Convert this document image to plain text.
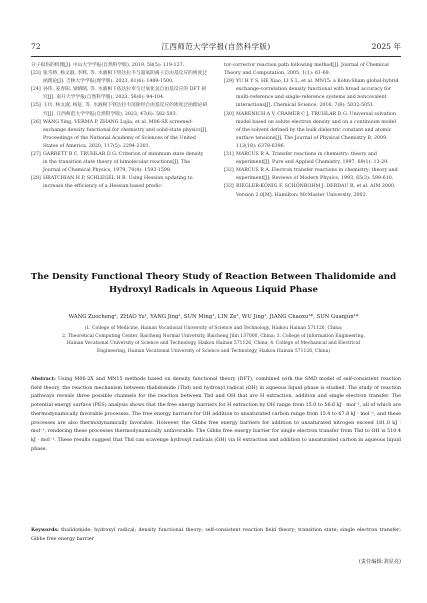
72	江西师范大学学报(自然科学版)	2025 年
分子损伤的机理[J]. 中山大学学报(自然科学版), 2019, 58(5): 119-127.
[23] 张雪娇, 杨文淑, 李辉, 等. 水液相下铁达拉韦与超氧阴离子自由基反应的密度泛函理论[J]. 吉林大学学报(理学版), 2023, 61(6): 1489-1500.
[24] 孙伟, 姜春阳, 梁晴晴, 等. 水液相下依达拉奉与过氧化氢自由基反应的 DFT 研究[J]. 南开大学学报(自然科学版), 2023, 56(6): 94-104.
[25] 王玲, 杨文淑, 杨征, 等. 水液相下铁达拉韦清除羟自由基反应的密度泛函理论研究[J]. 江西师范大学学报(自然科学版), 2023, 47(6): 582-593.
[26] WANG Ying, VERMA P, ZHANG Lujia, et al. M06-SX screened-exchange density functional for chemistry and solid-state physics[J]. Proceedings of the National Academy of Sciences of the United States of America, 2020, 117(5): 2294-2301.
[27] GARRETT B C, TRUHLAR D G. Criterion of minimum state density in the transition state theory of bimolecular reactions[J]. The Journal of Chemical Physics, 1979, 70(4): 1593-1598.
[28] HRATCHIAN H P, SCHLEGEL H B. Using Hessian updating to increase the efficiency of a Hessian based predic-
tor-corrector reaction path following method[J]. Journal of Chemical Theory and Computation, 2005, 1(1): 61-69.
[29] YU H Y S, HE Xiao, LI S L, et al. MN15: a Kohn-Sham global-hybrid exchange-correlation density functional with broad accuracy for multi-reference and single-reference systems and noncovalent interactions[J]. Chemical Science, 2016, 7(8): 5032-5051.
[30] MARENICH A V, CRAMER C J, TRUHLAR D G. Universal solvation model based on solute electron density and on a continuum model of the solvent defined by the bulk dielectric constant and atomic surface tensions[J]. The Journal of Physical Chemistry B, 2009, 113(18): 6378-6396.
[31] MARCUS R A. Transfer reactions in chemistry: theory and experiment[J]. Pure and Applied Chemistry, 1997, 69(1): 13-29.
[32] MARCUS R A. Electron transfer reactions in chemistry: theory and experiment[J]. Reviews of Modern Physics, 1993, 65(3): 599-610.
[33] BIEGLER-KÖNIG F, SCHÖNBOHM J, DERDAU R, et al. AIM 2000, Version 2.0[M]. Hamilton: McMaster University, 2002.
The Density Functional Theory Study of Reaction Between Thalidomide and
Hydroxyl Radicals in Aqueous Liquid Phase
WANG Zuocheng¹, ZHAO Yu¹, YANG Jing¹, SUN Ming¹, LIN Ze¹, WU Jing¹, JIANG Chaoxu¹*, SUN Guanjun¹*
(1. College of Medicine, Hainan Vocational University of Science and Technology, Haikou Hainan 571126, China;
2. Theoretical Computing Center, Baicheng Normal University, Baicheng Jilin 137000, China; 3. College of Information Engineering,
Hainan Vocational University of Science and Technology, Haikou Hainan 571126, China; 4. College of Mechanical and Electrical
Engineering, Hainan Vocational University of Science and Technology, Haikou Hainan 571126, China)
Abstract: Using M06-2X and MN15 methods based on density functional theory (DFT), combined with the SMD model of self-consistent reaction field theory, the reaction mechanism between thalidomide (Thd) and hydroxyl radical (OH) in aqueous liquid phase is studied. The study of reaction pathways reveals three possible channels for the reaction between Thd and OH that are H extraction, addition and single electron transfer. The potential energy surface (PES) analysis shows that the free energy barriers for H extraction by OH range from 15.0 to 56.6 kJ · mol⁻¹, all of which are thermodynamically favorable processes. The free energy barriers for OH addition to unsaturated carbon range from 15.4 to 67.8 kJ · mol⁻¹, and these processes are also thermodynamically favorable. However, the Gibbs free energy barriers for addition to unsaturated nitrogen exceed 181.0 kJ · mol⁻¹, rendering these processes thermodynamically unfavorable. The Gibbs free energy barrier for single electron transfer from Thd to OH is 510.4 kJ · mol⁻¹. These results suggest that Thd can scavenge hydroxyl radicals (OH) via H extraction and addition to unsaturated carbon in aqueous liquid phase.
Keywords: thalidomide; hydroxyl radical; density functional theory; self-consistent reaction field theory; transition state; single electron transfer; Gibbs free energy barrier
(责任编辑:刘显亮)
